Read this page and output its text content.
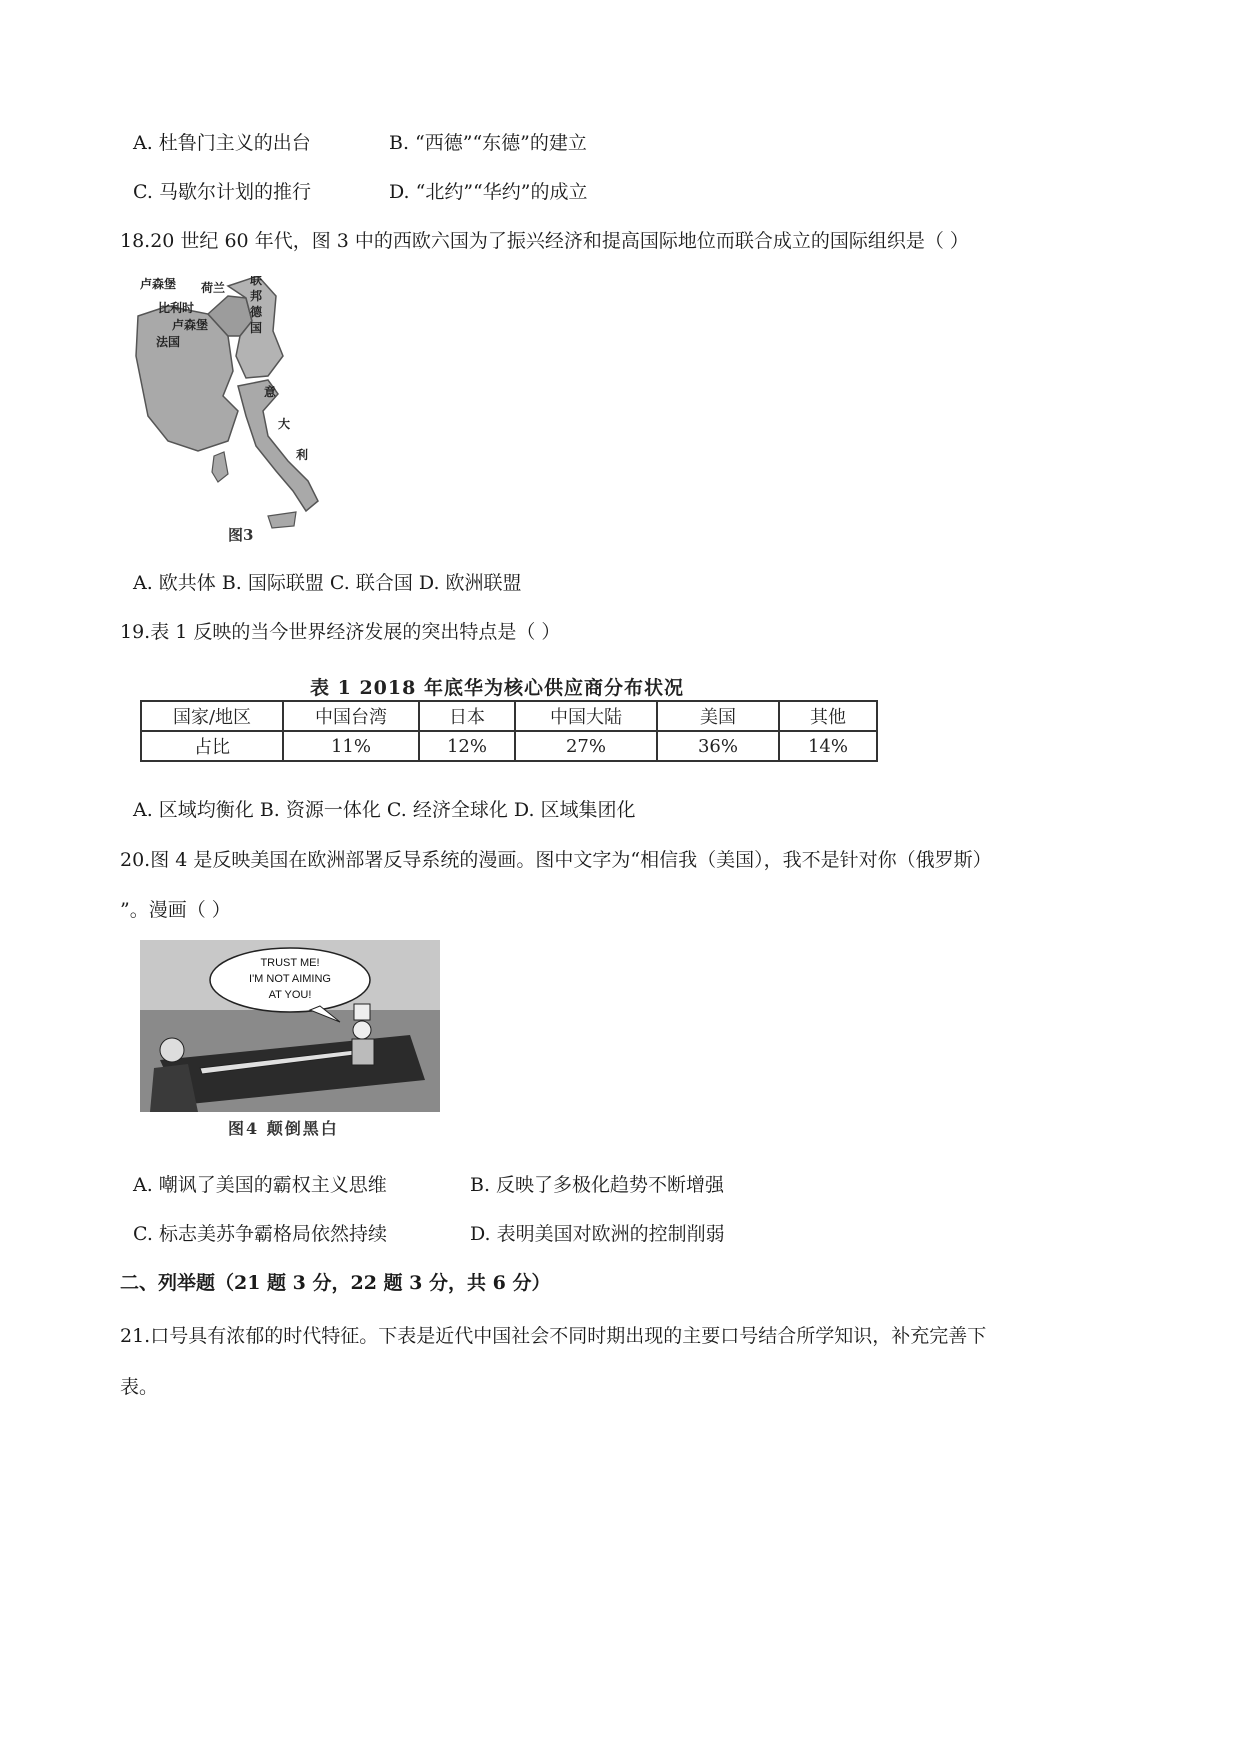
A. 杜鲁门主义的出台	B. “西德”“东德”的建立
C. 马歇尔计划的推行	D. “北约”“华约”的成立
18.20 世纪 60 年代，图 3 中的西欧六国为了振兴经济和提高国际地位而联合成立的国际组织是（ ）
荷兰
卢森堡
比利时
卢森堡
法国
联
邦
德
国
意
大
利
图3
A. 欧共体 B. 国际联盟 C. 联合国 D. 欧洲联盟
19.表 1 反映的当今世界经济发展的突出特点是（ ）
表 1 2018 年底华为核心供应商分布状况
国家/地区	中国台湾	日本	中国大陆	美国	其他
占比	11%	12%	27%	36%	14%
A. 区域均衡化 B. 资源一体化 C. 经济全球化 D. 区域集团化
20.图 4 是反映美国在欧洲部署反导系统的漫画。图中文字为“相信我（美国），我不是针对你（俄罗斯）
”。漫画（ ）
TRUST ME!
I'M NOT AIMING
AT YOU!
图4 颠倒黑白
A. 嘲讽了美国的霸权主义思维	B. 反映了多极化趋势不断增强
C. 标志美苏争霸格局依然持续	D. 表明美国对欧洲的控制削弱
二、列举题（21 题 3 分，22 题 3 分，共 6 分）
21.口号具有浓郁的时代特征。下表是近代中国社会不同时期出现的主要口号结合所学知识，补充完善下
表。
